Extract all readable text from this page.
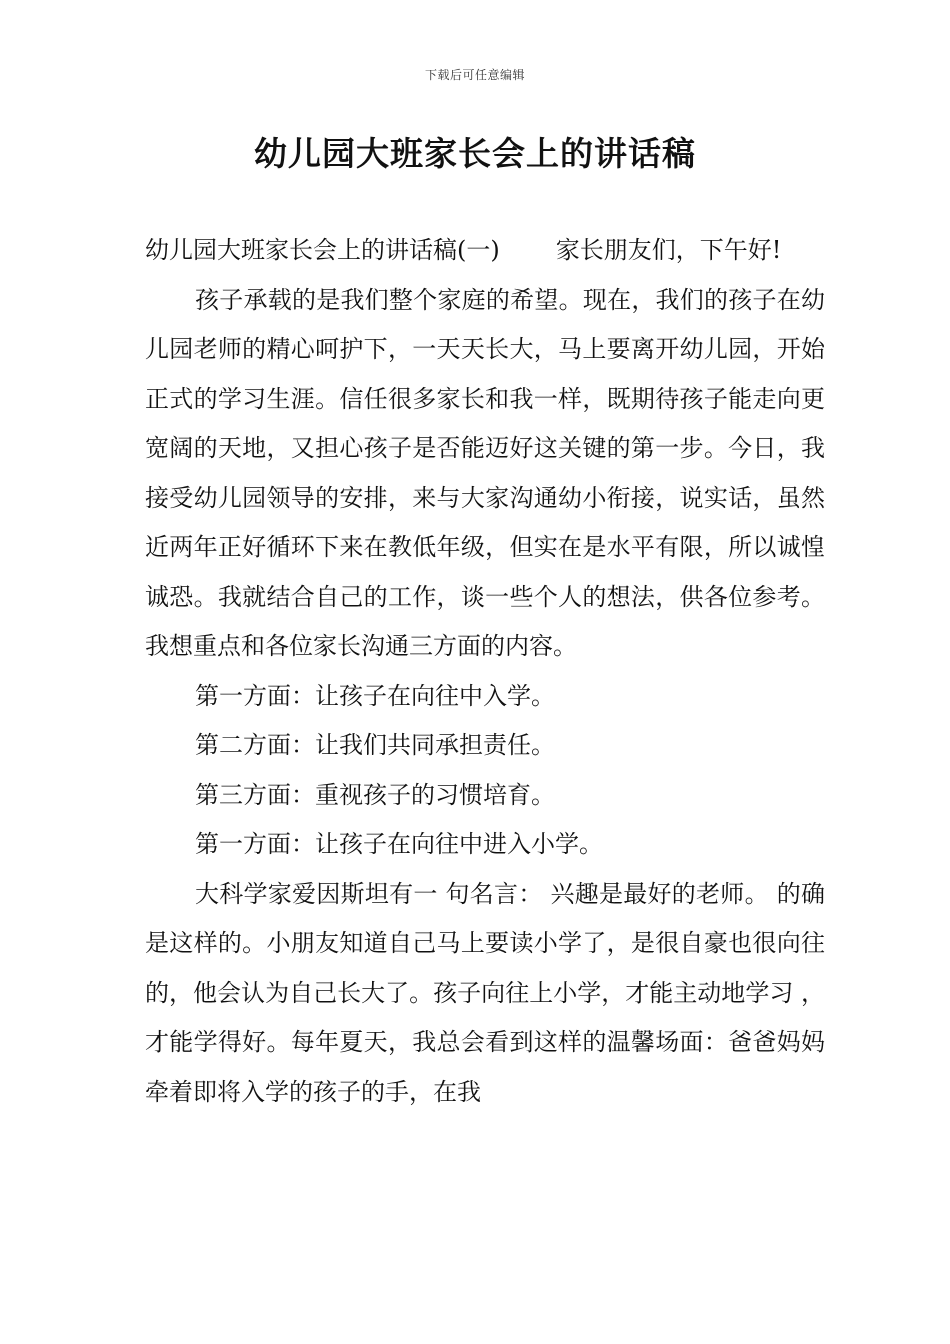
下载后可任意编辑
幼儿园大班家长会上的讲话稿

幼儿园大班家长会上的讲话稿(一) 家长朋友们，下午好!

孩子承载的是我们整个家庭的希望。现在，我们的孩子在幼儿园老师的精心呵护下，一天天长大，马上要离开幼儿园，开始正式的学习生涯。信任很多家长和我一样，既期待孩子能走向更宽阔的天地，又担心孩子是否能迈好这关键的第一步。今日，我接受幼儿园领导的安排，来与大家沟通幼小衔接，说实话，虽然近两年正好循环下来在教低年级，但实在是水平有限，所以诚惶诚恐。我就结合自己的工作，谈一些个人的想法，供各位参考。我想重点和各位家长沟通三方面的内容。

第一方面：让孩子在向往中入学。

第二方面：让我们共同承担责任。

第三方面：重视孩子的习惯培育。

第一方面：让孩子在向往中进入小学。

大科学家爱因斯坦有一 句名言： 兴趣是最好的老师。 的确是这样的。小朋友知道自己马上要读小学了，是很自豪也很向往的，他会认为自己长大了。孩子向往上小学，才能主动地学习 ，才能学得好。每年夏天，我总会看到这样的温馨场面：爸爸妈妈牵着即将入学的孩子的手，在我
